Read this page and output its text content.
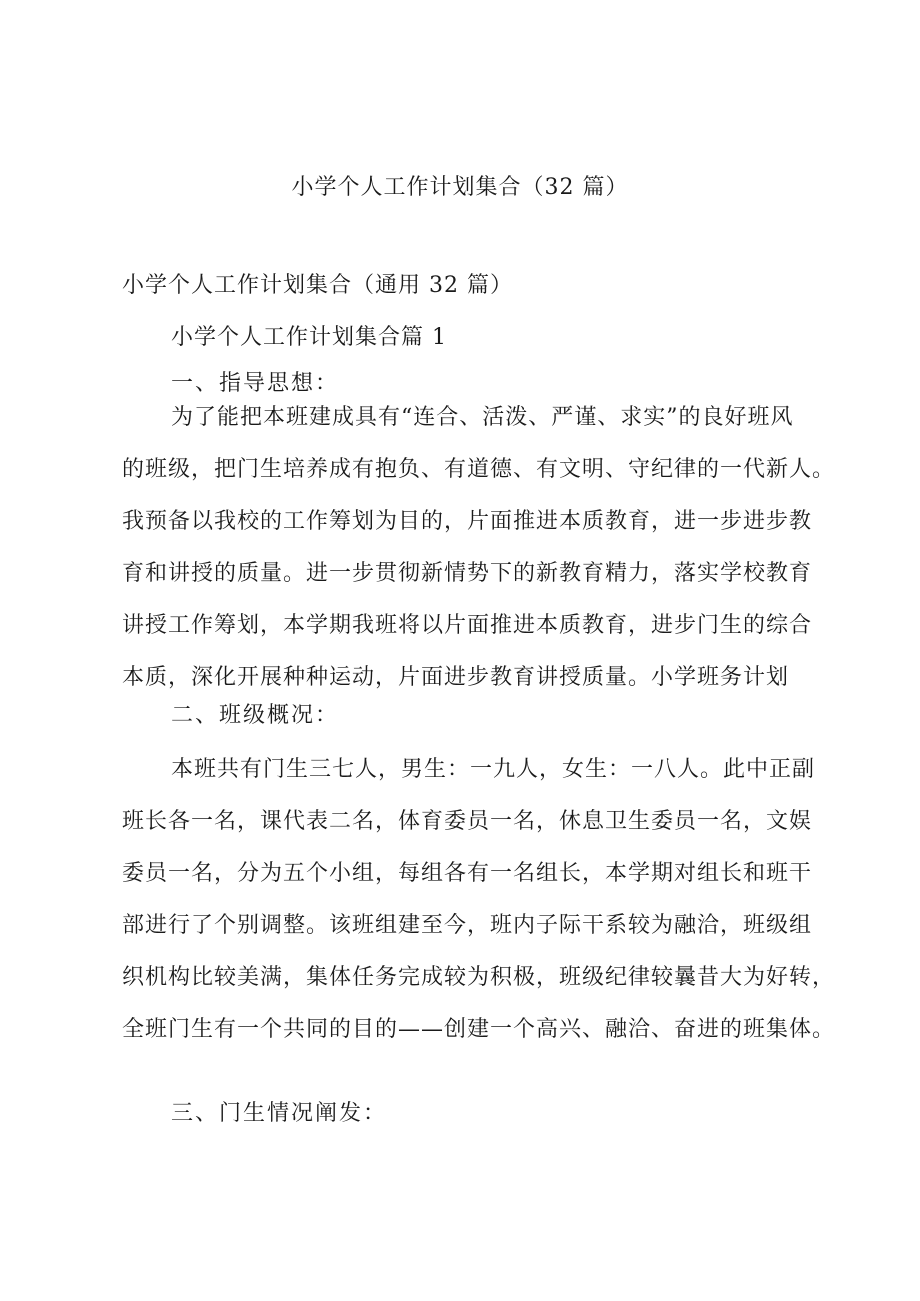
小学个人工作计划集合（32 篇）
小学个人工作计划集合（通用 32 篇）
小学个人工作计划集合篇 1
一、指导思想：
为了能把本班建成具有“连合、活泼、严谨、求实”的良好班风
的班级，把门生培养成有抱负、有道德、有文明、守纪律的一代新人。
我预备以我校的工作筹划为目的，片面推进本质教育，进一步进步教
育和讲授的质量。进一步贯彻新情势下的新教育精力，落实学校教育
讲授工作筹划，本学期我班将以片面推进本质教育，进步门生的综合
本质，深化开展种种运动，片面进步教育讲授质量。小学班务计划
二、班级概况：
本班共有门生三七人，男生：一九人，女生：一八人。此中正副
班长各一名，课代表二名，体育委员一名，休息卫生委员一名，文娱
委员一名，分为五个小组，每组各有一名组长，本学期对组长和班干
部进行了个别调整。该班组建至今，班内子际干系较为融洽，班级组
织机构比较美满，集体任务完成较为积极，班级纪律较曩昔大为好转，
全班门生有一个共同的目的——创建一个高兴、融洽、奋进的班集体。
三、门生情况阐发：
